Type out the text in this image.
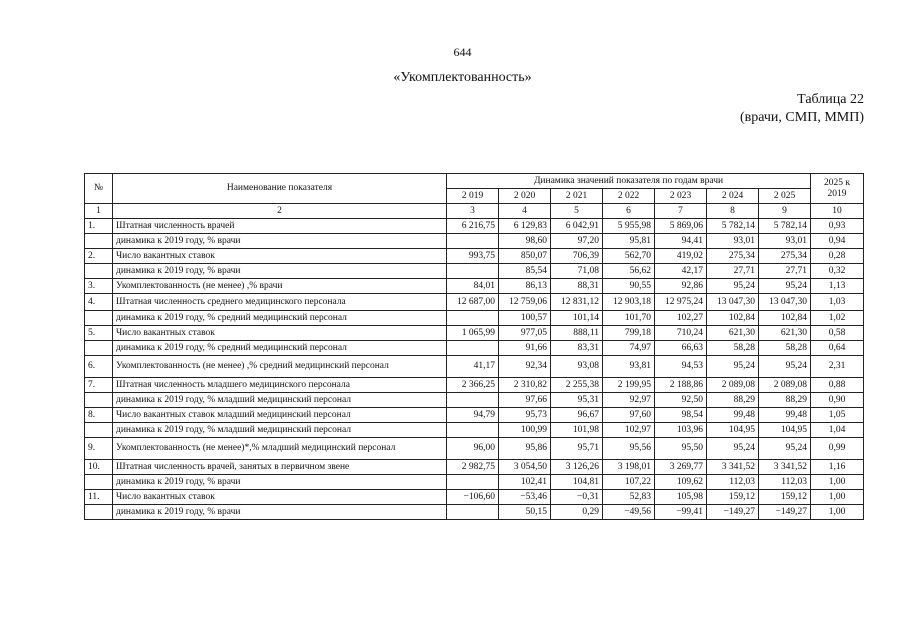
644
«Укомплектованность»
Таблица 22
(врачи, СМП, ММП)
№	Наименование показателя	Динамика значений показателя по годам врачи							2025 к 2019
		2 019	2 020	2 021	2 022	2 023	2 024	2 025	
1	2	3	4	5	6	7	8	9	10
1.	Штатная численность врачей	6 216,75	6 129,83	6 042,91	5 955,98	5 869,06	5 782,14	5 782,14	0,93
	динамика к 2019 году, % врачи		98,60	97,20	95,81	94,41	93,01	93,01	0,94
2.	Число вакантных ставок	993,75	850,07	706,39	562,70	419,02	275,34	275,34	0,28
	динамика к 2019 году, % врачи		85,54	71,08	56,62	42,17	27,71	27,71	0,32
3.	Укомплектованность (не менее) ,% врачи	84,01	86,13	88,31	90,55	92,86	95,24	95,24	1,13
4.	Штатная численность среднего медицинского персонала	12 687,00	12 759,06	12 831,12	12 903,18	12 975,24	13 047,30	13 047,30	1,03
	динамика к 2019 году, % средний медицинский персонал		100,57	101,14	101,70	102,27	102,84	102,84	1,02
5.	Число вакантных ставок	1 065,99	977,05	888,11	799,18	710,24	621,30	621,30	0,58
	динамика к 2019 году, % средний медицинский персонал		91,66	83,31	74,97	66,63	58,28	58,28	0,64
6.	Укомплектованность (не менее) ,% средний медицинский персонал	41,17	92,34	93,08	93,81	94,53	95,24	95,24	2,31
7.	Штатная численность младшего медицинского персонала	2 366,25	2 310,82	2 255,38	2 199,95	2 188,86	2 089,08	2 089,08	0,88
	динамика к 2019 году, % младший медицинский персонал		97,66	95,31	92,97	92,50	88,29	88,29	0,90
8.	Число вакантных ставок младший медицинский персонал	94,79	95,73	96,67	97,60	98,54	99,48	99,48	1,05
	динамика к 2019 году, % младший медицинский персонал		100,99	101,98	102,97	103,96	104,95	104,95	1,04
9.	Укомплектованность (не менее)*,% младший медицинский персонал	96,00	95,86	95,71	95,56	95,50	95,24	95,24	0,99
10.	Штатная численность врачей, занятых в первичном звене	2 982,75	3 054,50	3 126,26	3 198,01	3 269,77	3 341,52	3 341,52	1,16
	динамика к 2019 году, % врачи		102,41	104,81	107,22	109,62	112,03	112,03	1,00
11.	Число вакантных ставок	−106,60	−53,46	−0,31	52,83	105,98	159,12	159,12	1,00
	динамика к 2019 году, % врачи		50,15	0,29	−49,56	−99,41	−149,27	−149,27	1,00
